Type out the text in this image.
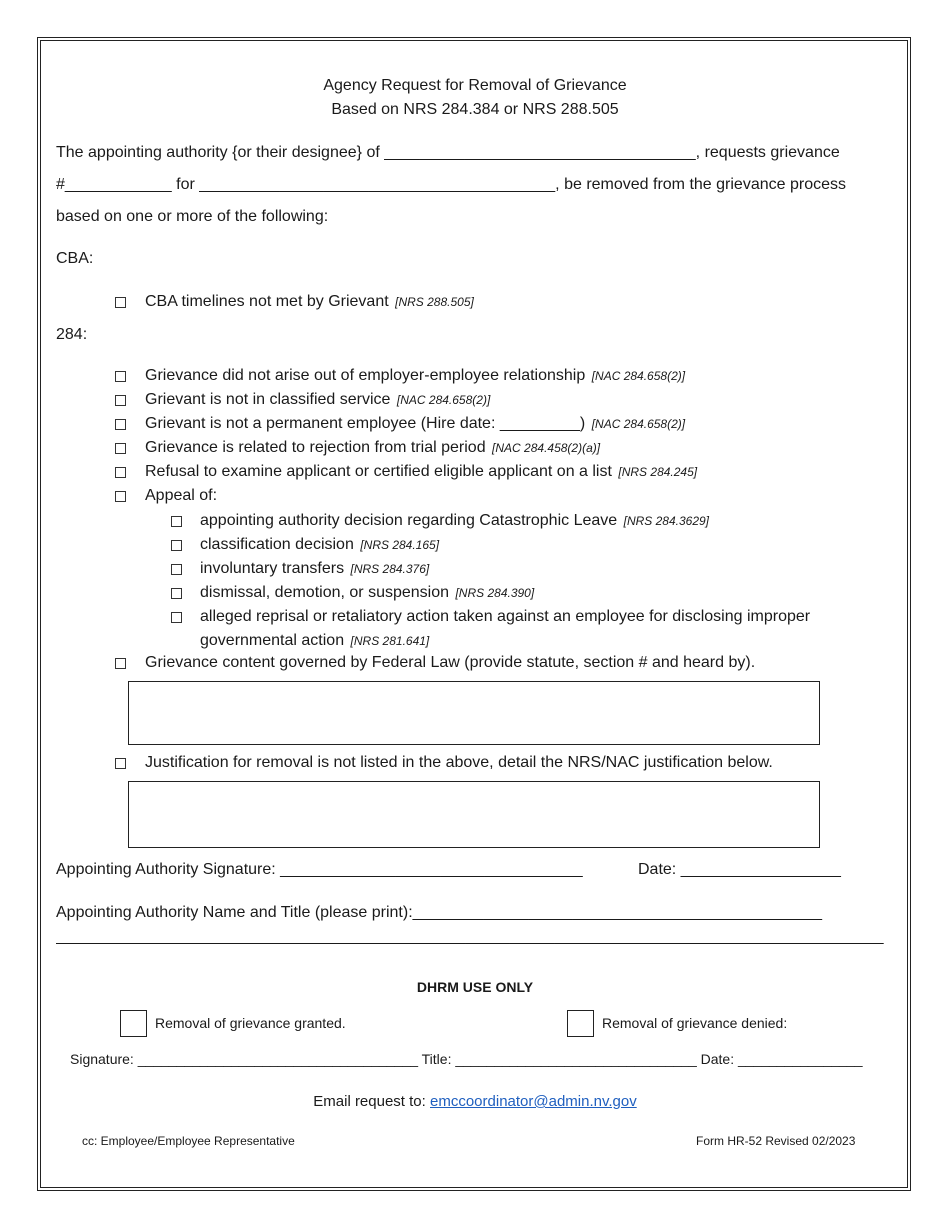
Agency Request for Removal of Grievance
Based on NRS 284.384 or NRS 288.505
The appointing authority {or their designee} of ___________________________________, requests grievance
#____________ for ________________________________________, be removed from the grievance process
based on one or more of the following:
CBA:
CBA timelines not met by Grievant [NRS 288.505]
284:
Grievance did not arise out of employer-employee relationship [NAC 284.658(2)]
Grievant is not in classified service [NAC 284.658(2)]
Grievant is not a permanent employee (Hire date: _________) [NAC 284.658(2)]
Grievance is related to rejection from trial period [NAC 284.458(2)(a)]
Refusal to examine applicant or certified eligible applicant on a list [NRS 284.245]
Appeal of:
appointing authority decision regarding Catastrophic Leave [NRS 284.3629]
classification decision [NRS 284.165]
involuntary transfers [NRS 284.376]
dismissal, demotion, or suspension [NRS 284.390]
alleged reprisal or retaliatory action taken against an employee for disclosing improper
governmental action [NRS 281.641]
Grievance content governed by Federal Law (provide statute, section # and heard by).
Justification for removal is not listed in the above, detail the NRS/NAC justification below.
Appointing Authority Signature: __________________________________	Date: __________________
Appointing Authority Name and Title (please print):______________________________________________
_____________________________________________________________________________________________
DHRM USE ONLY
Removal of grievance granted.	Removal of grievance denied:
Signature: ____________________________________ Title: _______________________________ Date: ________________
Email request to: emccoordinator@admin.nv.gov
cc: Employee/Employee Representative	Form HR-52 Revised 02/2023
